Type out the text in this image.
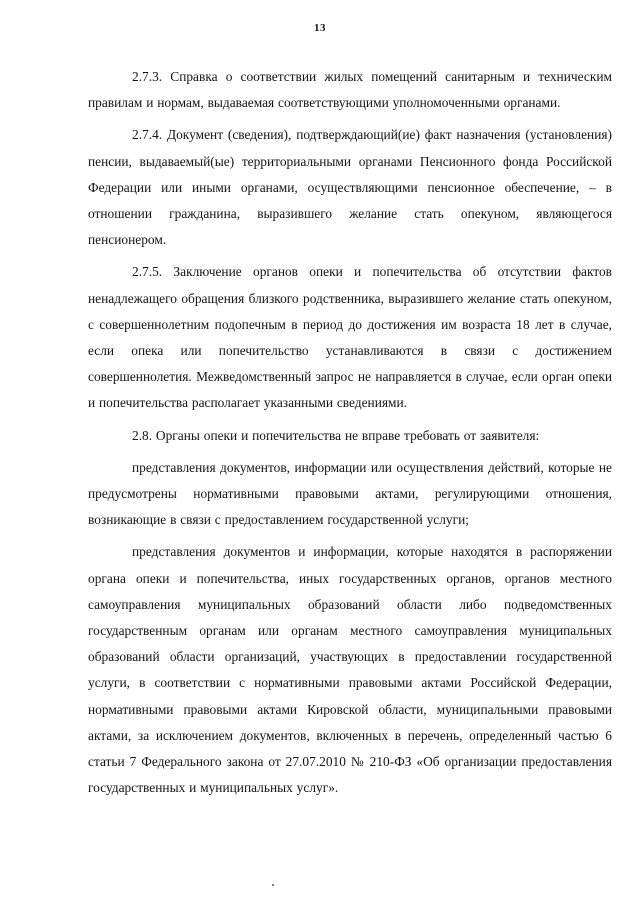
13

2.7.3. Справка о соответствии жилых помещений санитарным и техническим правилам и нормам, выдаваемая соответствующими уполномоченными органами.

2.7.4. Документ (сведения), подтверждающий(ие) факт назначения (установления) пенсии, выдаваемый(ые) территориальными органами Пенсионного фонда Российской Федерации или иными органами, осуществляющими пенсионное обеспечение, – в отношении гражданина, выразившего желание стать опекуном, являющегося пенсионером.

2.7.5. Заключение органов опеки и попечительства об отсутствии фактов ненадлежащего обращения близкого родственника, выразившего желание стать опекуном, с совершеннолетним подопечным в период до достижения им возраста 18 лет в случае, если опека или попечительство устанавливаются в связи с достижением совершеннолетия. Межведомственный запрос не направляется в случае, если орган опеки и попечительства располагает указанными сведениями.

2.8. Органы опеки и попечительства не вправе требовать от заявителя:

представления документов, информации или осуществления действий, которые не предусмотрены нормативными правовыми актами, регулирующими отношения, возникающие в связи с предоставлением государственной услуги;

представления документов и информации, которые находятся в распоряжении органа опеки и попечительства, иных государственных органов, органов местного самоуправления муниципальных образований области либо подведомственных государственным органам или органам местного самоуправления муниципальных образований области организаций, участвующих в предоставлении государственной услуги, в соответствии с нормативными правовыми актами Российской Федерации, нормативными правовыми актами Кировской области, муниципальными правовыми актами, за исключением документов, включенных в перечень, определенный частью 6 статьи 7 Федерального закона от 27.07.2010 № 210-ФЗ «Об организации предоставления государственных и муниципальных услуг».
